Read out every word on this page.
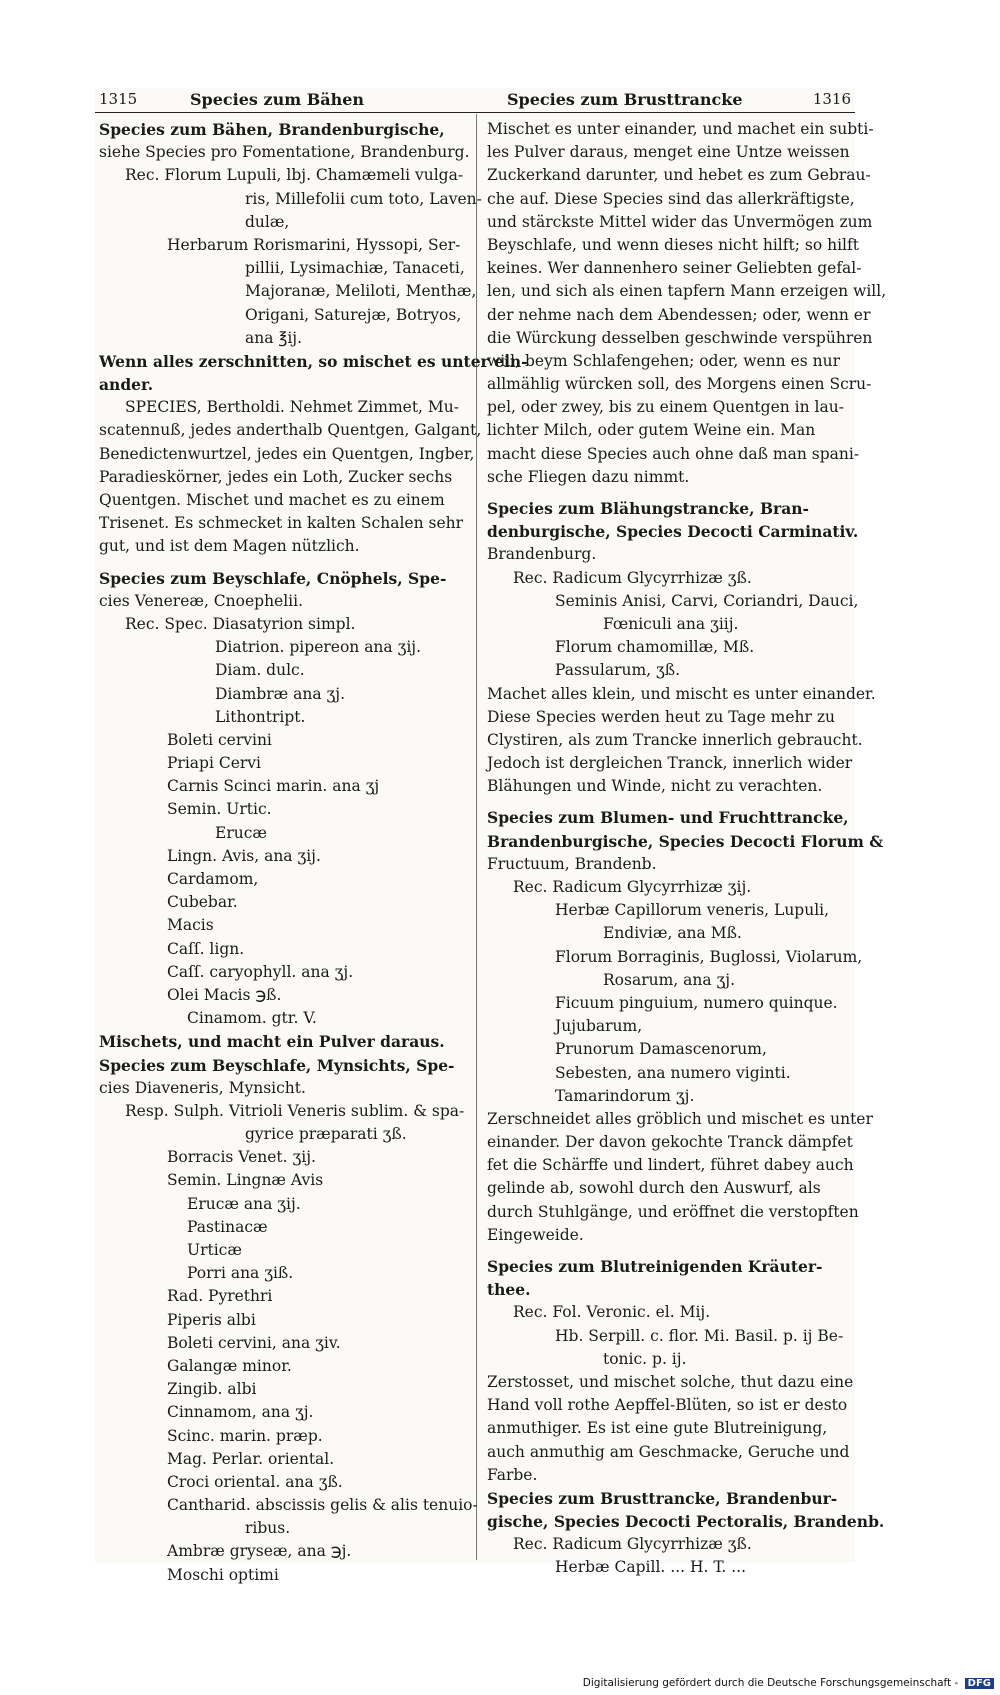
1315	Species zum Bähen	Species zum Brusttrancke	1316
Species zum Bähen, Brandenburgische,
siehe Species pro Fomentatione, Brandenburg.
Rec. Florum Lupuli, lbj. Chamæmeli vulga-
ris, Millefolii cum toto, Laven-
dulæ,
Herbarum Rorismarini, Hyssopi, Ser-
pillii, Lysimachiæ, Tanaceti,
Majoranæ, Meliloti, Menthæ,
Origani, Saturejæ, Botryos,
ana ℥ij.
Wenn alles zerschnitten, so mischet es unter ein-
ander.
SPECIES, Bertholdi. Nehmet Zimmet, Mu-
scatennuß, jedes anderthalb Quentgen, Galgant,
Benedictenwurtzel, jedes ein Quentgen, Ingber,
Paradieskörner, jedes ein Loth, Zucker sechs
Quentgen. Mischet und machet es zu einem
Trisenet. Es schmecket in kalten Schalen sehr
gut, und ist dem Magen nützlich.
Species zum Beyschlafe, Cnöphels, Spe-
cies Venereæ, Cnoephelii.
Rec. Spec. Diasatyrion simpl.
Diatrion. pipereon ana ʒij.
Diam. dulc.
Diambræ ana ʒj.
Lithontript.
Boleti cervini
Priapi Cervi
Carnis Scinci marin. ana ʒj
Semin. Urtic.
Erucæ
Lingn. Avis, ana ʒij.
Cardamom,
Cubebar.
Macis
Caſſ. lign.
Caſſ. caryophyll. ana ʒj.
Olei Macis ℈ß.
Cinamom. gtr. V.
Mischets, und macht ein Pulver daraus.
Species zum Beyschlafe, Mynsichts, Spe-
cies Diaveneris, Mynsicht.
Resp. Sulph. Vitrioli Veneris sublim. & spa-
gyrice præparati ʒß.
Borracis Venet. ʒij.
Semin. Lingnæ Avis
Erucæ ana ʒij.
Pastinacæ
Urticæ
Porri ana ʒiß.
Rad. Pyrethri
Piperis albi
Boleti cervini, ana ʒiv.
Galangæ minor.
Zingib. albi
Cinnamom, ana ʒj.
Scinc. marin. præp.
Mag. Perlar. oriental.
Croci oriental. ana ʒß.
Cantharid. abscissis gelis & alis tenuio-
ribus.
Ambræ gryseæ, ana ℈j.
Moschi optimi
Mischet es unter einander, und machet ein subti-
les Pulver daraus, menget eine Untze weissen
Zuckerkand darunter, und hebet es zum Gebrau-
che auf. Diese Species sind das allerkräftigste,
und stärckste Mittel wider das Unvermögen zum
Beyschlafe, und wenn dieses nicht hilft; so hilft
keines. Wer dannenhero seiner Geliebten gefal-
len, und sich als einen tapfern Mann erzeigen will,
der nehme nach dem Abendessen; oder, wenn er
die Würckung desselben geschwinde verspühren
will, beym Schlafengehen; oder, wenn es nur
allmählig würcken soll, des Morgens einen Scru-
pel, oder zwey, bis zu einem Quentgen in lau-
lichter Milch, oder gutem Weine ein. Man
macht diese Species auch ohne daß man spani-
sche Fliegen dazu nimmt.
Species zum Blähungstrancke, Bran-
denburgische, Species Decocti Carminativ.
Brandenburg.
Rec. Radicum Glycyrrhizæ ʒß.
Seminis Anisi, Carvi, Coriandri, Dauci,
Fœniculi ana ʒiij.
Florum chamomillæ, Mß.
Passularum, ʒß.
Machet alles klein, und mischt es unter einander.
Diese Species werden heut zu Tage mehr zu
Clystiren, als zum Trancke innerlich gebraucht.
Jedoch ist dergleichen Tranck, innerlich wider
Blähungen und Winde, nicht zu verachten.
Species zum Blumen- und Fruchttrancke,
Brandenburgische, Species Decocti Florum &
Fructuum, Brandenb.
Rec. Radicum Glycyrrhizæ ʒij.
Herbæ Capillorum veneris, Lupuli,
Endiviæ, ana Mß.
Florum Borraginis, Buglossi, Violarum,
Rosarum, ana ʒj.
Ficuum pinguium, numero quinque.
Jujubarum,
Prunorum Damascenorum,
Sebesten, ana numero viginti.
Tamarindorum ʒj.
Zerschneidet alles gröblich und mischet es unter
einander. Der davon gekochte Tranck dämpfet
fet die Schärffe und lindert, führet dabey auch
gelinde ab, sowohl durch den Auswurf, als
durch Stuhlgänge, und eröffnet die verstopften
Eingeweide.
Species zum Blutreinigenden Kräuter-
thee.
Rec. Fol. Veronic. el. Mij.
Hb. Serpill. c. flor. Mi. Basil. p. ij Be-
tonic. p. ij.
Zerstosset, und mischet solche, thut dazu eine
Hand voll rothe Aepffel-Blüten, so ist er desto
anmuthiger. Es ist eine gute Blutreinigung,
auch anmuthig am Geschmacke, Geruche und
Farbe.
Species zum Brusttrancke, Brandenbur-
gische, Species Decocti Pectoralis, Brandenb.
Rec. Radicum Glycyrrhizæ ʒß.
Herbæ Capill. ... H. T. ...
Digitalisierung gefördert durch die Deutsche Forschungsgemeinschaft - DFG
